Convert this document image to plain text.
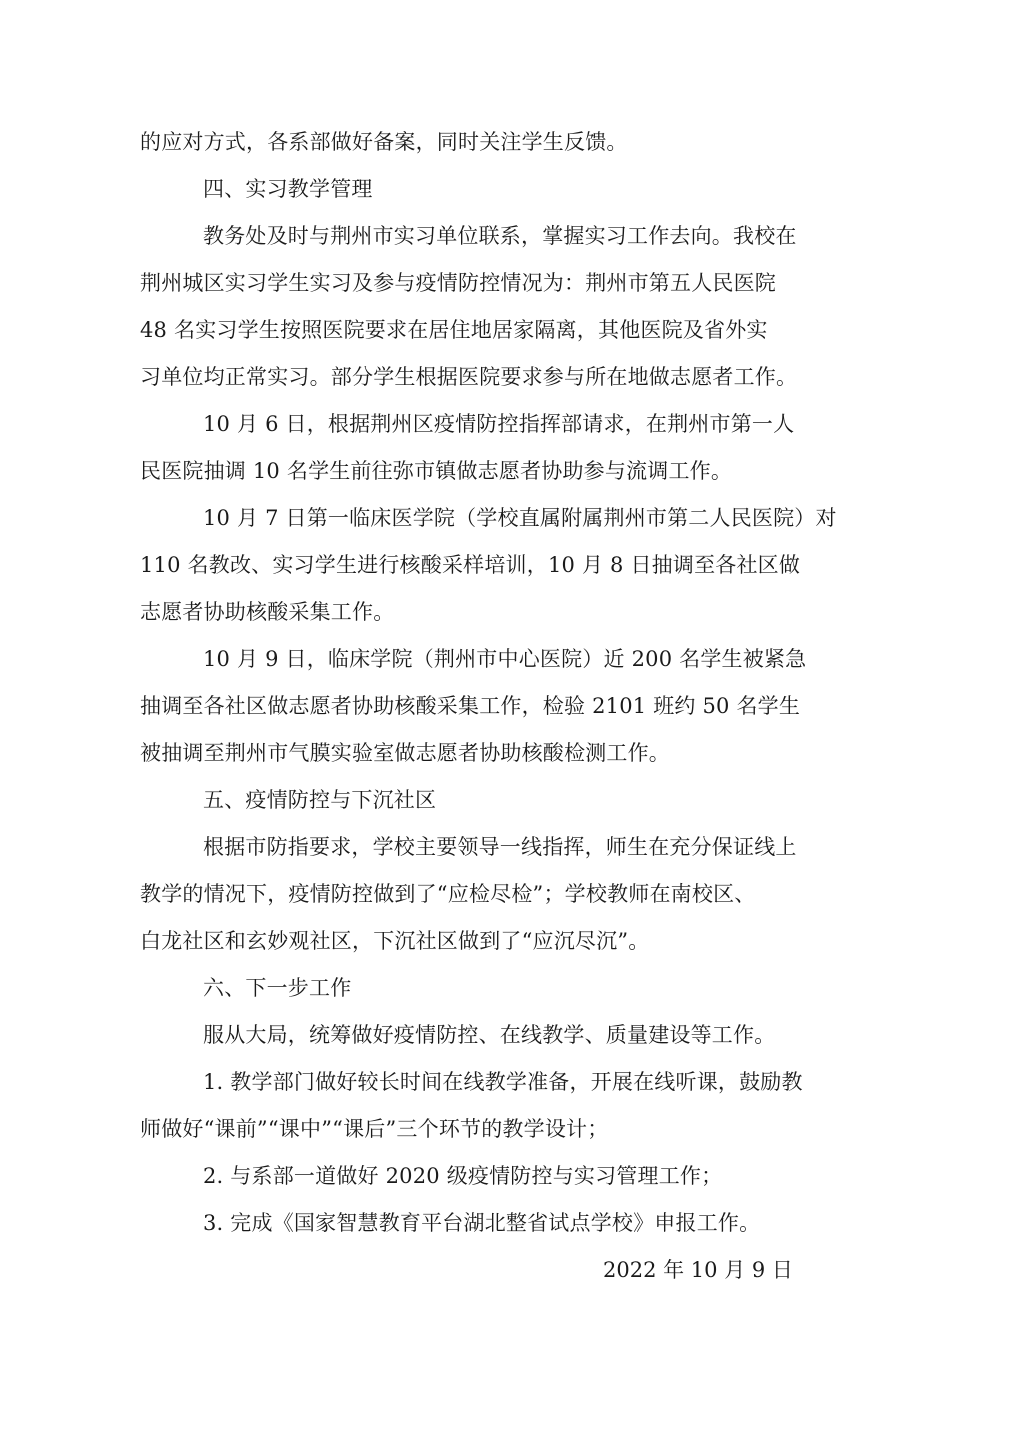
的应对方式，各系部做好备案，同时关注学生反馈。
四、实习教学管理
教务处及时与荆州市实习单位联系，掌握实习工作去向。我校在
荆州城区实习学生实习及参与疫情防控情况为：荆州市第五人民医院
48 名实习学生按照医院要求在居住地居家隔离，其他医院及省外实
习单位均正常实习。部分学生根据医院要求参与所在地做志愿者工作。
10 月 6 日，根据荆州区疫情防控指挥部请求，在荆州市第一人
民医院抽调 10 名学生前往弥市镇做志愿者协助参与流调工作。
10 月 7 日第一临床医学院（学校直属附属荆州市第二人民医院）对
110 名教改、实习学生进行核酸采样培训，10 月 8 日抽调至各社区做
志愿者协助核酸采集工作。
10 月 9 日，临床学院（荆州市中心医院）近 200 名学生被紧急
抽调至各社区做志愿者协助核酸采集工作，检验 2101 班约 50 名学生
被抽调至荆州市气膜实验室做志愿者协助核酸检测工作。
五、疫情防控与下沉社区
根据市防指要求，学校主要领导一线指挥，师生在充分保证线上
教学的情况下，疫情防控做到了“应检尽检”；学校教师在南校区、
白龙社区和玄妙观社区，下沉社区做到了“应沉尽沉”。
六、下一步工作
服从大局，统筹做好疫情防控、在线教学、质量建设等工作。
1. 教学部门做好较长时间在线教学准备，开展在线听课，鼓励教
师做好“课前”“课中”“课后”三个环节的教学设计；
2. 与系部一道做好 2020 级疫情防控与实习管理工作；
3. 完成《国家智慧教育平台湖北整省试点学校》申报工作。
2022 年 10 月 9 日
